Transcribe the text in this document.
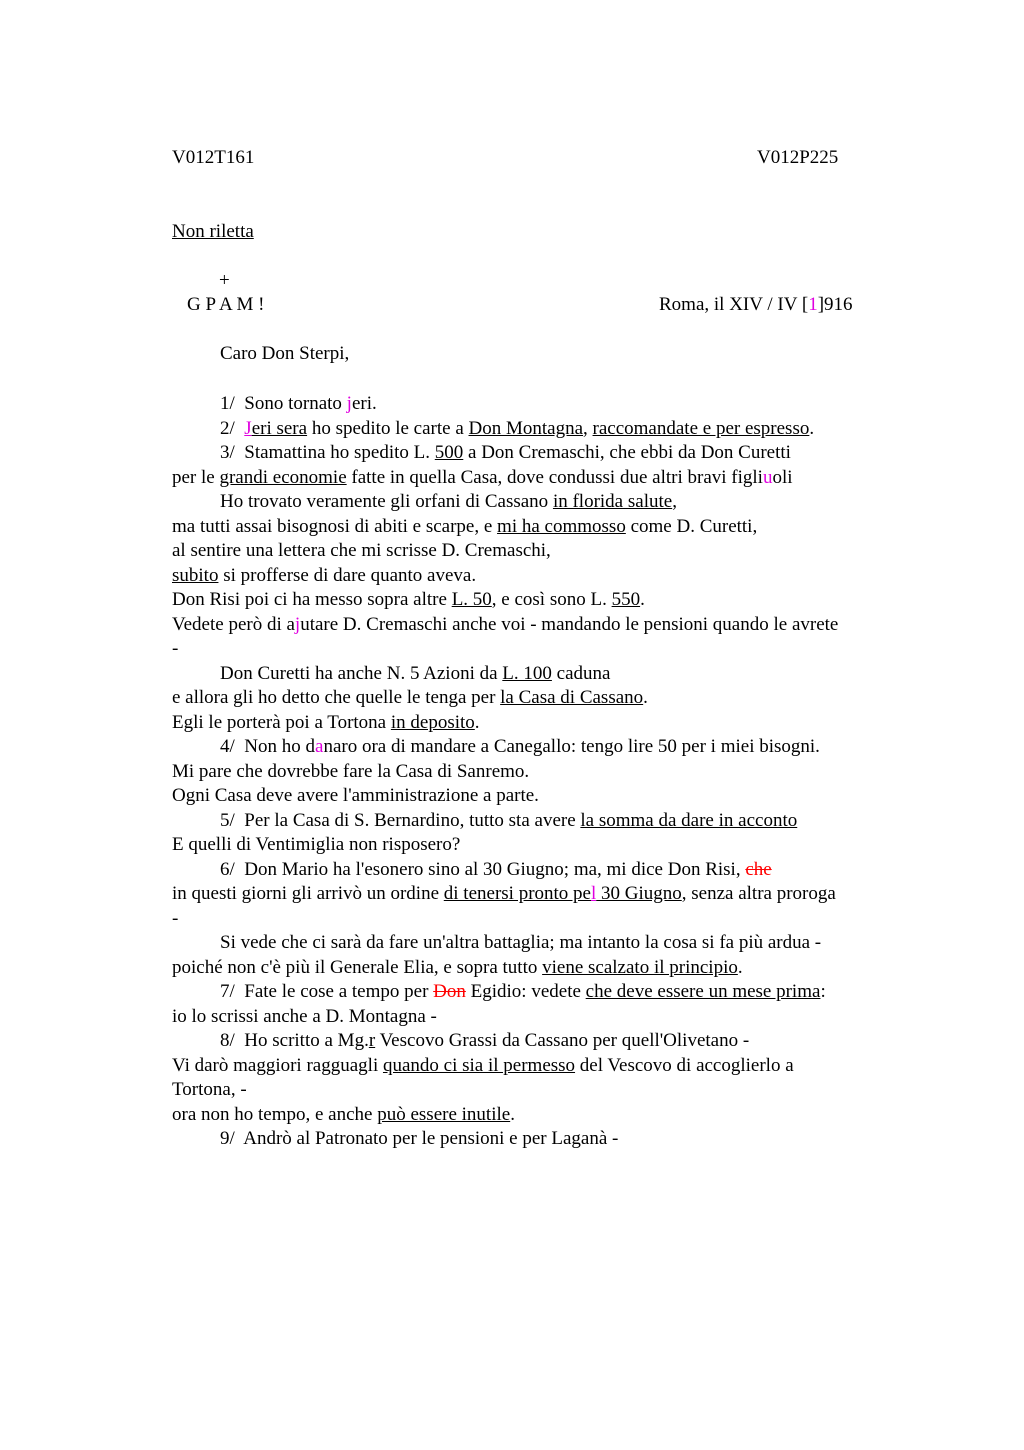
V012T161	V012P225
Non riletta
+
G P A M !	Roma, il XIV / IV [1]916
Caro Don Sterpi,
1/  Sono tornato jeri.
2/  Jeri sera ho spedito le carte a Don Montagna, raccomandate e per espresso.
3/  Stamattina ho spedito L. 500 a Don Cremaschi, che ebbi da Don Curetti
per le grandi economie fatte in quella Casa, dove condussi due altri bravi figliuoli
Ho trovato veramente gli orfani di Cassano in florida salute,
ma tutti assai bisognosi di abiti e scarpe, e mi ha commosso come D. Curetti,
al sentire una lettera che mi scrisse D. Cremaschi,
subito si profferse di dare quanto aveva.
Don Risi poi ci ha messo sopra altre L. 50, e così sono L. 550.
Vedete però di ajutare D. Cremaschi anche voi - mandando le pensioni quando le avrete
-
Don Curetti ha anche N. 5 Azioni da L. 100 caduna
e allora gli ho detto che quelle le tenga per la Casa di Cassano.
Egli le porterà poi a Tortona in deposito.
4/  Non ho danaro ora di mandare a Canegallo: tengo lire 50 per i miei bisogni.
Mi pare che dovrebbe fare la Casa di Sanremo.
Ogni Casa deve avere l'amministrazione a parte.
5/  Per la Casa di S. Bernardino, tutto sta avere la somma da dare in acconto
E quelli di Ventimiglia non risposero?
6/  Don Mario ha l'esonero sino al 30 Giugno; ma, mi dice Don Risi, che
in questi giorni gli arrivò un ordine di tenersi pronto pel 30 Giugno, senza altra proroga
-
Si vede che ci sarà da fare un'altra battaglia; ma intanto la cosa si fa più ardua -
poiché non c'è più il Generale Elia, e sopra tutto viene scalzato il principio.
7/  Fate le cose a tempo per Don Egidio: vedete che deve essere un mese prima:
io lo scrissi anche a D. Montagna -
8/  Ho scritto a Mg.r Vescovo Grassi da Cassano per quell'Olivetano -
Vi darò maggiori ragguagli quando ci sia il permesso del Vescovo di accoglierlo a
Tortona, -
ora non ho tempo, e anche può essere inutile.
9/  Andrò al Patronato per le pensioni e per Laganà -
